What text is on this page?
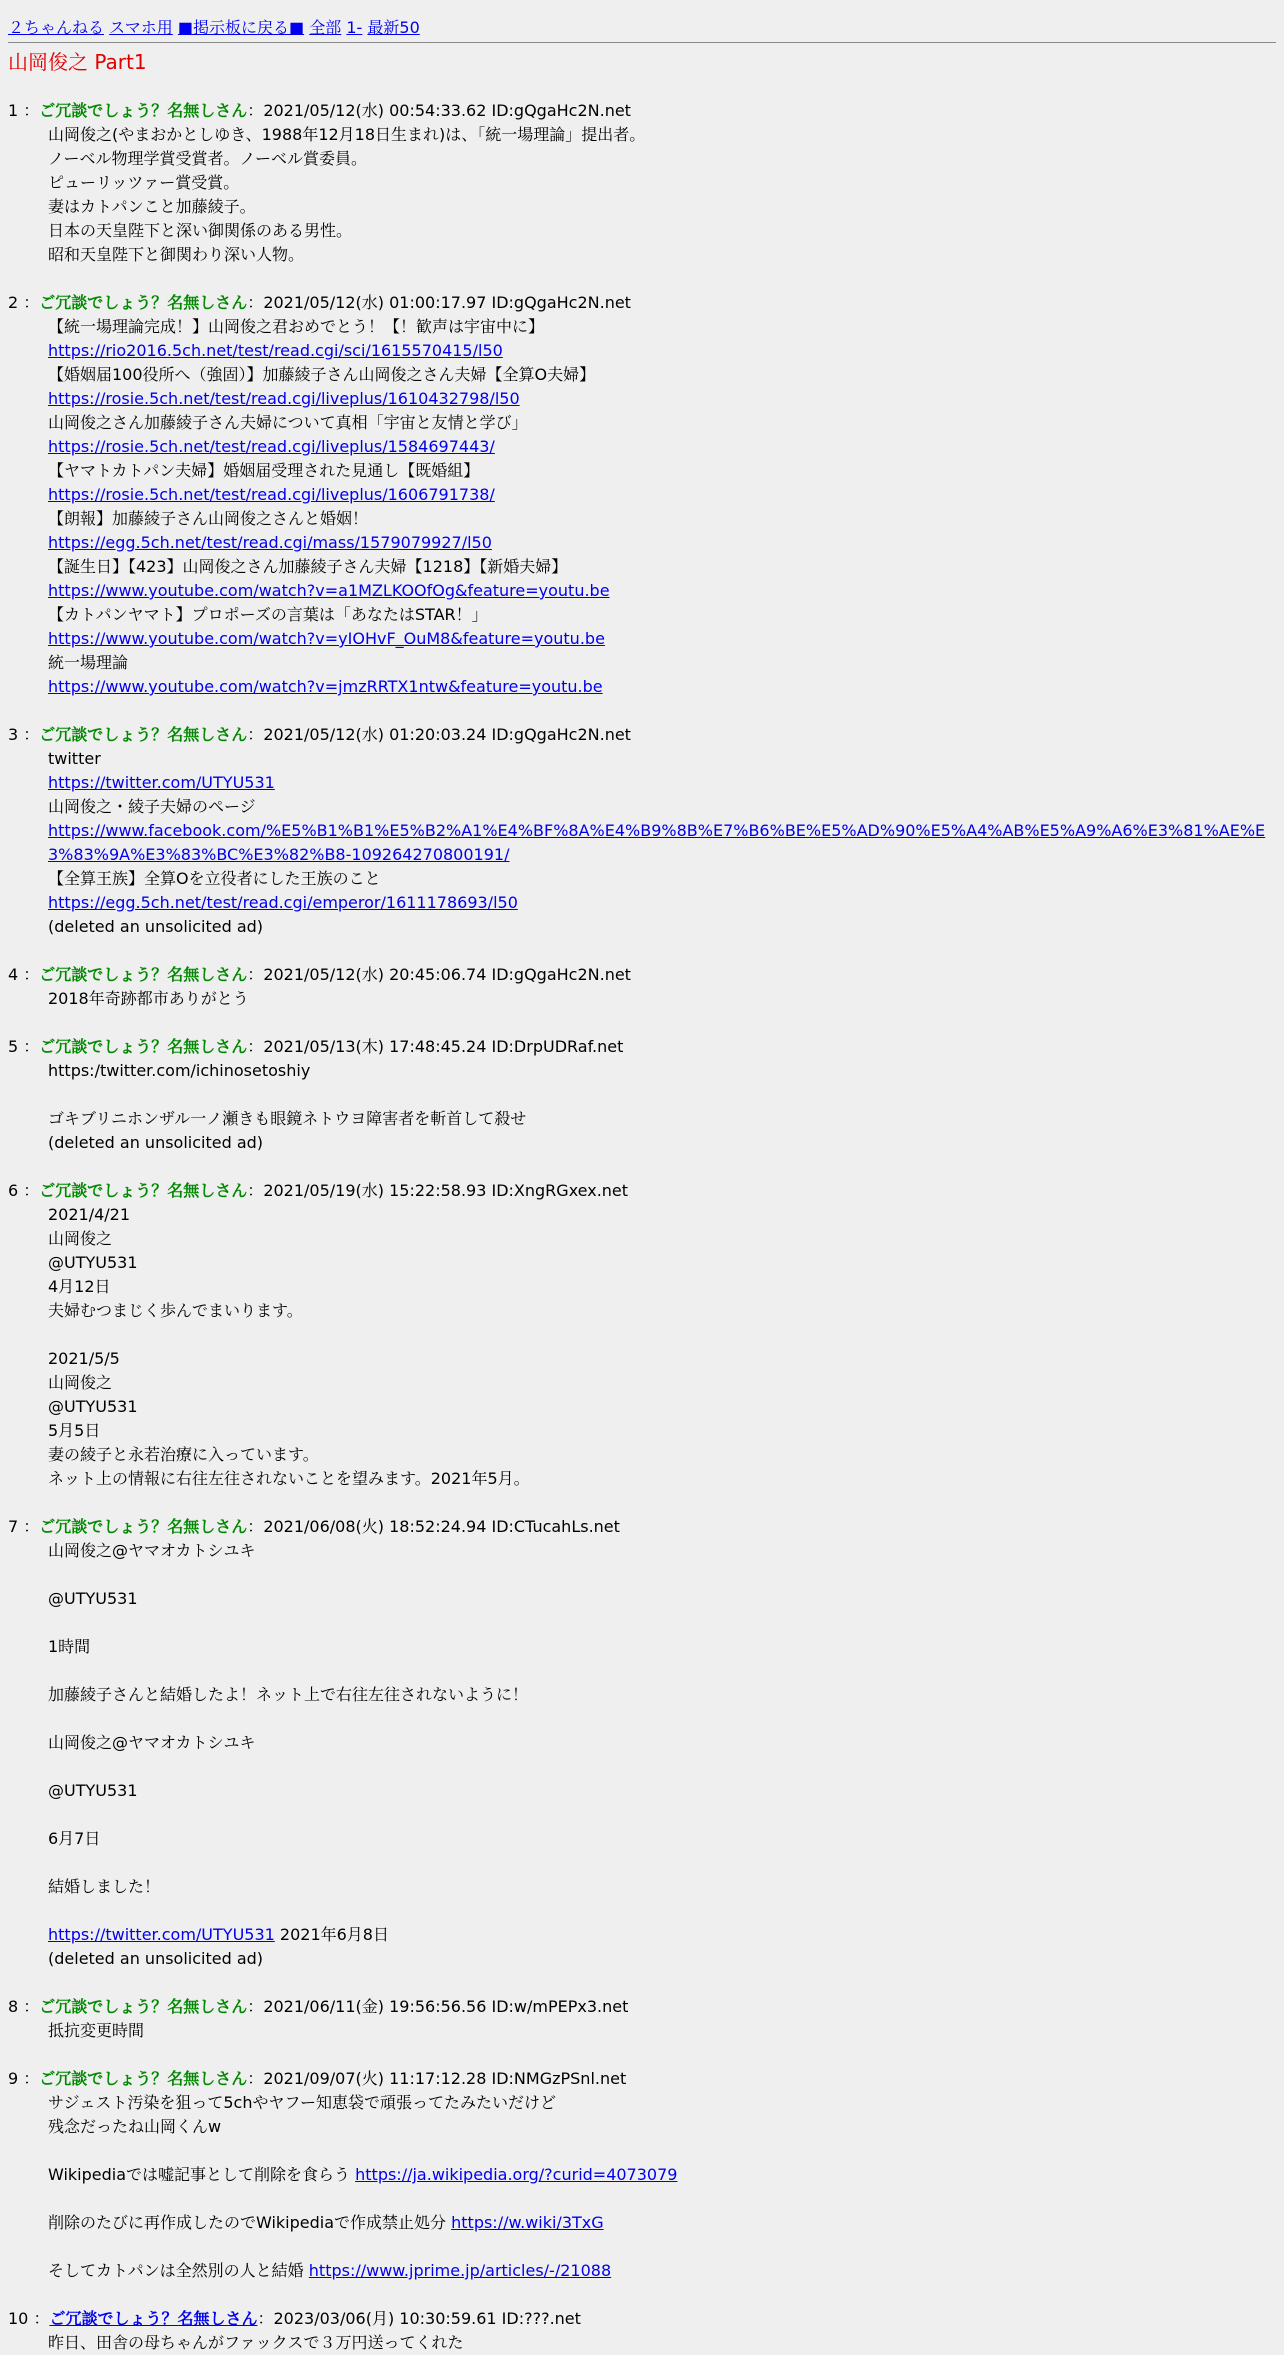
２ちゃんねる スマホ用 ■掲示板に戻る■ 全部 1- 最新50
山岡俊之 Part1
1 ：ご冗談でしょう？名無しさん：2021/05/12(水) 00:54:33.62 ID:gQgaHc2N.net
山岡俊之(やまおかとしゆき、1988年12月18日生まれ)は、「統一場理論」提出者。
ノーベル物理学賞受賞者。ノーベル賞委員。
ピューリッツァー賞受賞。
妻はカトパンこと加藤綾子。
日本の天皇陛下と深い御関係のある男性。
昭和天皇陛下と御関わり深い人物。
2 ：ご冗談でしょう？名無しさん：2021/05/12(水) 01:00:17.97 ID:gQgaHc2N.net
【統一場理論完成！】山岡俊之君おめでとう！【！歓声は宇宙中に】
https://rio2016.5ch.net/test/read.cgi/sci/1615570415/l50
【婚姻届100役所へ（強固）】加藤綾子さん山岡俊之さん夫婦【全算O夫婦】
https://rosie.5ch.net/test/read.cgi/liveplus/1610432798/l50
山岡俊之さん加藤綾子さん夫婦について真相「宇宙と友情と学び」
https://rosie.5ch.net/test/read.cgi/liveplus/1584697443/
【ヤマトカトパン夫婦】婚姻届受理された見通し【既婚組】
https://rosie.5ch.net/test/read.cgi/liveplus/1606791738/
【朗報】加藤綾子さん山岡俊之さんと婚姻！
https://egg.5ch.net/test/read.cgi/mass/1579079927/l50
【誕生日】【423】山岡俊之さん加藤綾子さん夫婦【1218】【新婚夫婦】
https://www.youtube.com/watch?v=a1MZLKOOfOg&feature=youtu.be
【カトパンヤマト】プロポーズの言葉は「あなたはSTAR！」
https://www.youtube.com/watch?v=yIOHvF_OuM8&feature=youtu.be
統一場理論
https://www.youtube.com/watch?v=jmzRRTX1ntw&feature=youtu.be
3 ：ご冗談でしょう？名無しさん：2021/05/12(水) 01:20:03.24 ID:gQgaHc2N.net
twitter
https://twitter.com/UTYU531
山岡俊之・綾子夫婦のページ
https://www.facebook.com/%E5%B1%B1%E5%B2%A1%E4%BF%8A%E4%B9%8B%E7%B6%BE%E5%AD%90%E5%A4%AB%E5%A9%A6%E3%81%AE%E3%83%9A%E3%83%BC%E3%82%B8-109264270800191/
【全算王族】全算Oを立役者にした王族のこと
https://egg.5ch.net/test/read.cgi/emperor/1611178693/l50
(deleted an unsolicited ad)
4 ：ご冗談でしょう？名無しさん：2021/05/12(水) 20:45:06.74 ID:gQgaHc2N.net
2018年奇跡都市ありがとう
5 ：ご冗談でしょう？名無しさん：2021/05/13(木) 17:48:45.24 ID:DrpUDRaf.net
https:/twitter.com/ichinosetoshiy
ゴキブリニホンザル一ノ瀬きも眼鏡ネトウヨ障害者を斬首して殺せ
(deleted an unsolicited ad)
6 ：ご冗談でしょう？名無しさん：2021/05/19(水) 15:22:58.93 ID:XngRGxex.net
2021/4/21
山岡俊之
@UTYU531
4月12日
夫婦むつまじく歩んでまいります。
2021/5/5
山岡俊之
@UTYU531
5月5日
妻の綾子と永若治療に入っています。
ネット上の情報に右往左往されないことを望みます。2021年5月。
7 ：ご冗談でしょう？名無しさん：2021/06/08(火) 18:52:24.94 ID:CTucahLs.net
山岡俊之@ヤマオカトシユキ
@UTYU531
1時間
加藤綾子さんと結婚したよ！ネット上で右往左往されないように！
山岡俊之@ヤマオカトシユキ
@UTYU531
6月7日
結婚しました！
https://twitter.com/UTYU531 2021年6月8日
(deleted an unsolicited ad)
8 ：ご冗談でしょう？名無しさん：2021/06/11(金) 19:56:56.56 ID:w/mPEPx3.net
抵抗変更時間
9 ：ご冗談でしょう？名無しさん：2021/09/07(火) 11:17:12.28 ID:NMGzPSnl.net
サジェスト汚染を狙って5chやヤフー知恵袋で頑張ってたみたいだけど
残念だったね山岡くんw
Wikipediaでは嘘記事として削除を食らう https://ja.wikipedia.org/?curid=4073079
削除のたびに再作成したのでWikipediaで作成禁止処分 https://w.wiki/3TxG
そしてカトパンは全然別の人と結婚 https://www.jprime.jp/articles/-/21088
10 ：ご冗談でしょう？名無しさん：2023/03/06(月) 10:30:59.61 ID:???.net
昨日、田舎の母ちゃんがファックスで３万円送ってくれた
